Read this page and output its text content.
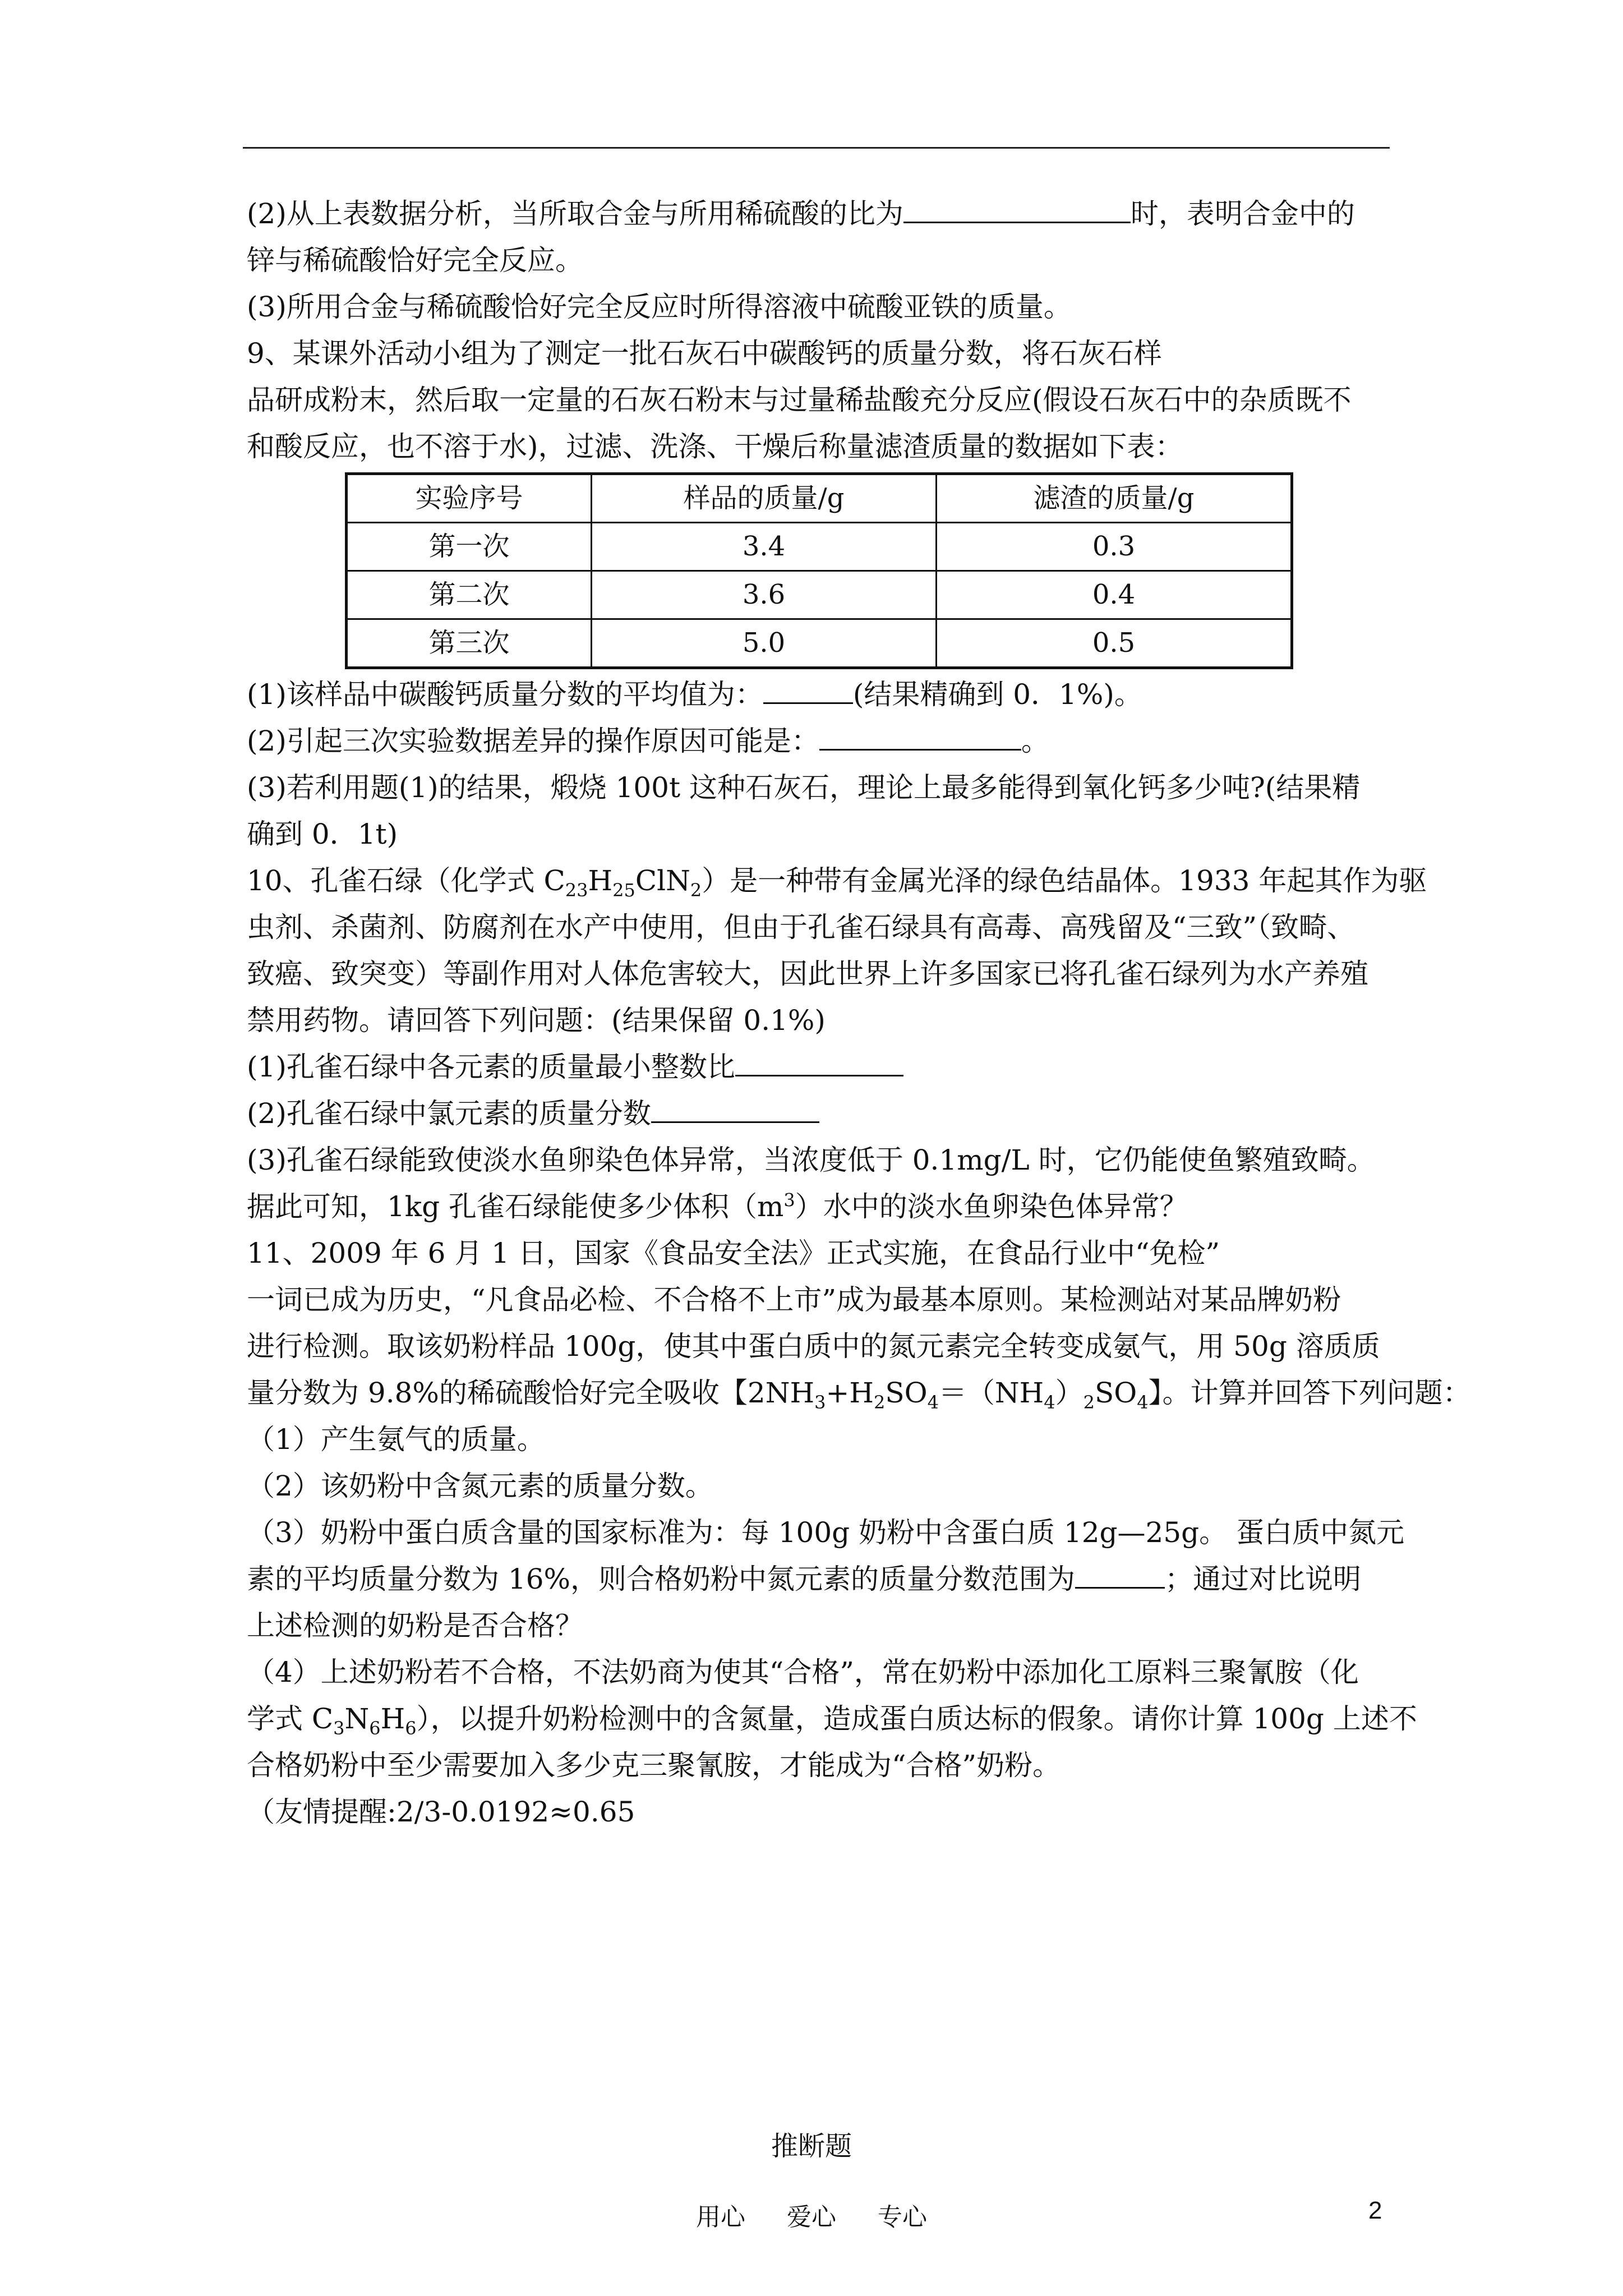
(2)从上表数据分析，当所取合金与所用稀硫酸的比为	时，表明合金中的
锌与稀硫酸恰好完全反应。
(3)所用合金与稀硫酸恰好完全反应时所得溶液中硫酸亚铁的质量。
9、某课外活动小组为了测定一批石灰石中碳酸钙的质量分数，将石灰石样
品研成粉末，然后取一定量的石灰石粉末与过量稀盐酸充分反应(假设石灰石中的杂质既不
和酸反应，也不溶于水)，过滤、洗涤、干燥后称量滤渣质量的数据如下表：
实验序号	样品的质量/g	滤渣的质量/g
第一次	3.4	0.3
第二次	3.6	0.4
第三次	5.0	0.5
(1)该样品中碳酸钙质量分数的平均值为：	(结果精确到 0．1%)。
(2)引起三次实验数据差异的操作原因可能是：	。
(3)若利用题(1)的结果，煅烧 100t 这种石灰石，理论上最多能得到氧化钙多少吨?(结果精
确到 0．1t)
10、孔雀石绿（化学式 $C_{23}H_{25}ClN_2$）是一种带有金属光泽的绿色结晶体。1933 年起其作为驱
虫剂、杀菌剂、防腐剂在水产中使用，但由于孔雀石绿具有高毒、高残留及“三致”（致畸、
致癌、致突变）等副作用对人体危害较大，因此世界上许多国家已将孔雀石绿列为水产养殖
禁用药物。请回答下列问题：(结果保留 0.1%)
(1)孔雀石绿中各元素的质量最小整数比
(2)孔雀石绿中氯元素的质量分数
(3)孔雀石绿能致使淡水鱼卵染色体异常，当浓度低于 0.1mg/L 时，它仍能使鱼繁殖致畸。
据此可知，1kg 孔雀石绿能使多少体积$(m^3)$水中的淡水鱼卵染色体异常？
11、2009 年 6 月 1 日，国家《食品安全法》正式实施，在食品行业中“免检”
一词已成为历史，“凡食品必检、不合格不上市”成为最基本原则。某检测站对某品牌奶粉
进行检测。取该奶粉样品 100g，使其中蛋白质中的氮元素完全转变成氨气，用 50g 溶质质
量分数为 9.8%的稀硫酸恰好完全吸收【$2NH_3+H_2SO_4=(NH_4)_2SO_4$】。计算并回答下列问题：
（1）产生氨气的质量。
（2）该奶粉中含氮元素的质量分数。
（3）奶粉中蛋白质含量的国家标准为：每 100g 奶粉中含蛋白质 12g—25g。 蛋白质中氮元
素的平均质量分数为 16%，则合格奶粉中氮元素的质量分数范围为	；通过对比说明
上述检测的奶粉是否合格？
（4）上述奶粉若不合格，不法奶商为使其“合格”，常在奶粉中添加化工原料三聚氰胺（化
学式 $C_3N_6H_6$），以提升奶粉检测中的含氮量，造成蛋白质达标的假象。请你计算 100g 上述不
合格奶粉中至少需要加入多少克三聚氰胺，才能成为“合格”奶粉。
（友情提醒:2/3-0.0192≈0.65
推断题
用心 爱心 专心	2
